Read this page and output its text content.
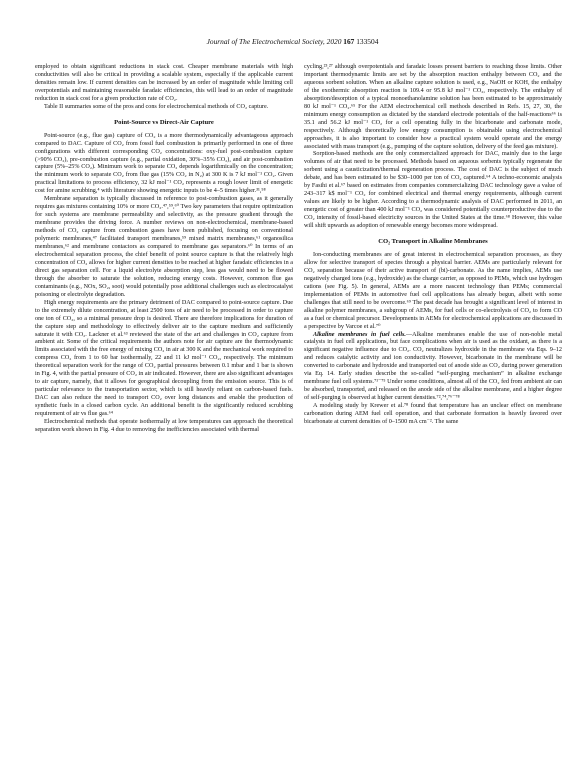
Journal of The Electrochemical Society, 2020 167 133504

employed to obtain significant reductions in stack cost. Cheaper membrane materials with high conductivities will also be critical in providing a scalable system, especially if the applicable current densities remain low. If current densities can be increased by an order of magnitude while limiting cell overpotentials and maintaining reasonable faradaic efficiencies, this will lead to an order of magnitude reduction in stack cost for a given production rate of CO₂.

Table II summaries some of the pros and cons for electrochemical methods of CO₂ capture.

Point-Source vs Direct-Air Capture

Point-source (e.g., flue gas) capture of CO₂ is a more thermodynamically advantageous approach compared to DAC. Capture of CO₂ from fossil fuel combustion is primarily performed in one of three configurations with different corresponding CO₂ concentrations: oxy-fuel post-combustion capture (>90% CO₂), pre-combustion capture (e.g., partial oxidation, 30%–35% CO₂), and air post-combustion capture (5%–25% CO₂). Minimum work to separate CO₂ depends logarithmically on the concentration; the minimum work to separate CO₂ from flue gas (15% CO₂ in N₂) at 300 K is 7 kJ mol⁻¹ CO₂. Given practical limitations to process efficiency, 32 kJ mol⁻¹ CO₂ represents a rough lower limit of energetic cost for amine scrubbing,⁴ with literature showing energetic inputs to be 4–5 times higher.³¹,⁵⁸

Membrane separation is typically discussed in reference to post-combustion gases, as it generally requires gas mixtures containing 10% or more CO₂.⁴⁷,⁵⁹,⁶⁰ Two key parameters that require optimization for such systems are membrane permeability and selectivity, as the pressure gradient through the membrane provides the driving force. A number reviews on non-electrochemical, membrane-based methods of CO₂ capture from combustion gases have been published, focusing on conventional polymeric membranes,⁴⁷ facilitated transport membranes,⁵⁹ mixed matrix membranes,⁶¹ organosilica membranes,⁶² and membrane contactors as compared to membrane gas separators.⁶⁰ In terms of an electrochemical separation process, the chief benefit of point source capture is that the relatively high concentration of CO₂ allows for higher current densities to be reached at higher faradaic efficiencies in a direct gas separation cell. For a liquid electrolyte absorption step, less gas would need to be flowed through the absorber to saturate the solution, reducing energy costs. However, common flue gas contaminants (e.g., NOx, SO₂, soot) would potentially pose additional challenges such as electrocatalyst poisoning or electrolyte degradation.

High energy requirements are the primary detriment of DAC compared to point-source capture. Due to the extremely dilute concentration, at least 2500 tons of air need to be processed in order to capture one ton of CO₂, so a minimal pressure drop is desired. There are therefore implications for duration of the capture step and methodology to effectively deliver air to the capture medium and sufficiently saturate it with CO₂. Lackner et al.⁶³ reviewed the state of the art and challenges in CO₂ capture from ambient air. Some of the critical requirements the authors note for air capture are the thermodynamic limits associated with the free energy of mixing CO₂ in air at 300 K and the mechanical work required to compress CO₂ from 1 to 60 bar isothermally, 22 and 11 kJ mol⁻¹ CO₂, respectively. The minimum theoretical separation work for the range of CO₂ partial pressures between 0.1 mbar and 1 bar is shown in Fig. 4, with the partial pressure of CO₂ in air indicated. However, there are also significant advantages to air capture, namely, that it allows for geographical decoupling from the emission source. This is of particular relevance to the transportation sector, which is still heavily reliant on carbon-based fuels. DAC can also reduce the need to transport CO₂ over long distances and enable the production of synthetic fuels in a closed carbon cycle. An additional benefit is the significantly reduced scrubbing requirement of air vs flue gas.⁶⁴

Electrochemical methods that operate isothermally at low temperatures can approach the theoretical separation work shown in Fig. 4 due to removing the inefficiencies associated with thermal

cycling,²³,²⁷ although overpotentials and faradaic losses present barriers to reaching those limits. Other important thermodynamic limits are set by the absorption reaction enthalpy between CO₂ and the aqueous sorbent solution. When an alkaline capture solution is used, e.g., NaOH or KOH, the enthalpy of the exothermic absorption reaction is 109.4 or 95.8 kJ mol⁻¹ CO₂, respectively. The enthalpy of absorption/desorption of a typical monoethanolamine solution has been estimated to be approximately 80 kJ mol⁻¹ CO₂.⁶⁵ For the AEM electrochemical cell methods described in Refs. 15, 27, 30, the minimum energy consumption as dictated by the standard electrode potentials of the half-reactions⁶⁶ is 35.1 and 56.2 kJ mol⁻¹ CO₂ for a cell operating fully in the bicarbonate and carbonate mode, respectively. Although theoretically low energy consumption is obtainable using electrochemical approaches, it is also important to consider how a practical system would operate and the energy associated with mass transport (e.g., pumping of the capture solution, delivery of the feed gas mixture).

Sorption-based methods are the only commercialized approach for DAC, mainly due to the large volumes of air that need to be processed. Methods based on aqueous sorbents typically regenerate the sorbent using a causticization/thermal regeneration process. The cost of DAC is the subject of much debate, and has been estimated to be $30–1000 per ton of CO₂ captured.⁶⁴ A techno-economic analysis by Fasihi et al.⁶⁷ based on estimates from companies commercializing DAC technology gave a value of 243–317 k$ mol⁻¹ CO₂ for combined electrical and thermal energy requirements, although current values are likely to be higher. According to a thermodynamic analysis of DAC performed in 2011, an energetic cost of greater than 400 kJ mol⁻¹ CO₂ was considered potentially counterproductive due to the CO₂ intensity of fossil-based electricity sources in the United States at the time.⁶⁸ However, this value will shift upwards as adoption of renewable energy becomes more widespread.

CO₂ Transport in Alkaline Membranes

Ion-conducting membranes are of great interest in electrochemical separation processes, as they allow for selective transport of species through a physical barrier. AEMs are particularly relevant for CO₂ separation because of their active transport of (bi)-carbonate. As the name implies, AEMs use negatively charged ions (e.g., hydroxide) as the charge carrier, as opposed to PEMs, which use hydrogen cations (see Fig. 5). In general, AEMs are a more nascent technology than PEMs; commercial implementation of PEMs in automotive fuel cell applications has already begun, albeit with some challenges that still need to be overcome.⁶⁹ The past decade has brought a significant level of interest in alkaline polymer membranes, a subgroup of AEMs, for fuel cells or co-electrolysis of CO₂ to form CO as a fuel or chemical precursor. Developments in AEMs for electrochemical applications are discussed in a perspective by Varcoe et al.⁷⁰

Alkaline membranes in fuel cells.—Alkaline membranes enable the use of non-noble metal catalysts in fuel cell applications, but face complications when air is used as the oxidant, as there is a significant negative influence due to CO₂. CO₂ neutralizes hydroxide in the membrane via Eqs. 9–12 and reduces catalytic activity and ion conductivity. However, bicarbonate in the membrane will be converted to carbonate and hydroxide and transported out of anode side as CO₂ during power generation via Eq. 14. Early studies describe the so-called “self-purging mechanism” in alkaline exchange membrane fuel cell systems.⁷¹⁻⁷⁵ Under some conditions, almost all of the CO₂ fed from ambient air can be absorbed, transported, and released on the anode side of the alkaline membrane, and a higher degree of self-purging is observed at higher current densities.⁷²,⁷⁴,⁷⁶⁻⁷⁸

A modeling study by Krewer et al.⁷⁸ found that temperature has an unclear effect on membrane carbonation during AEM fuel cell operation, and that carbonate formation is heavily favored over bicarbonate at current densities of 0–1500 mA cm⁻². The same
